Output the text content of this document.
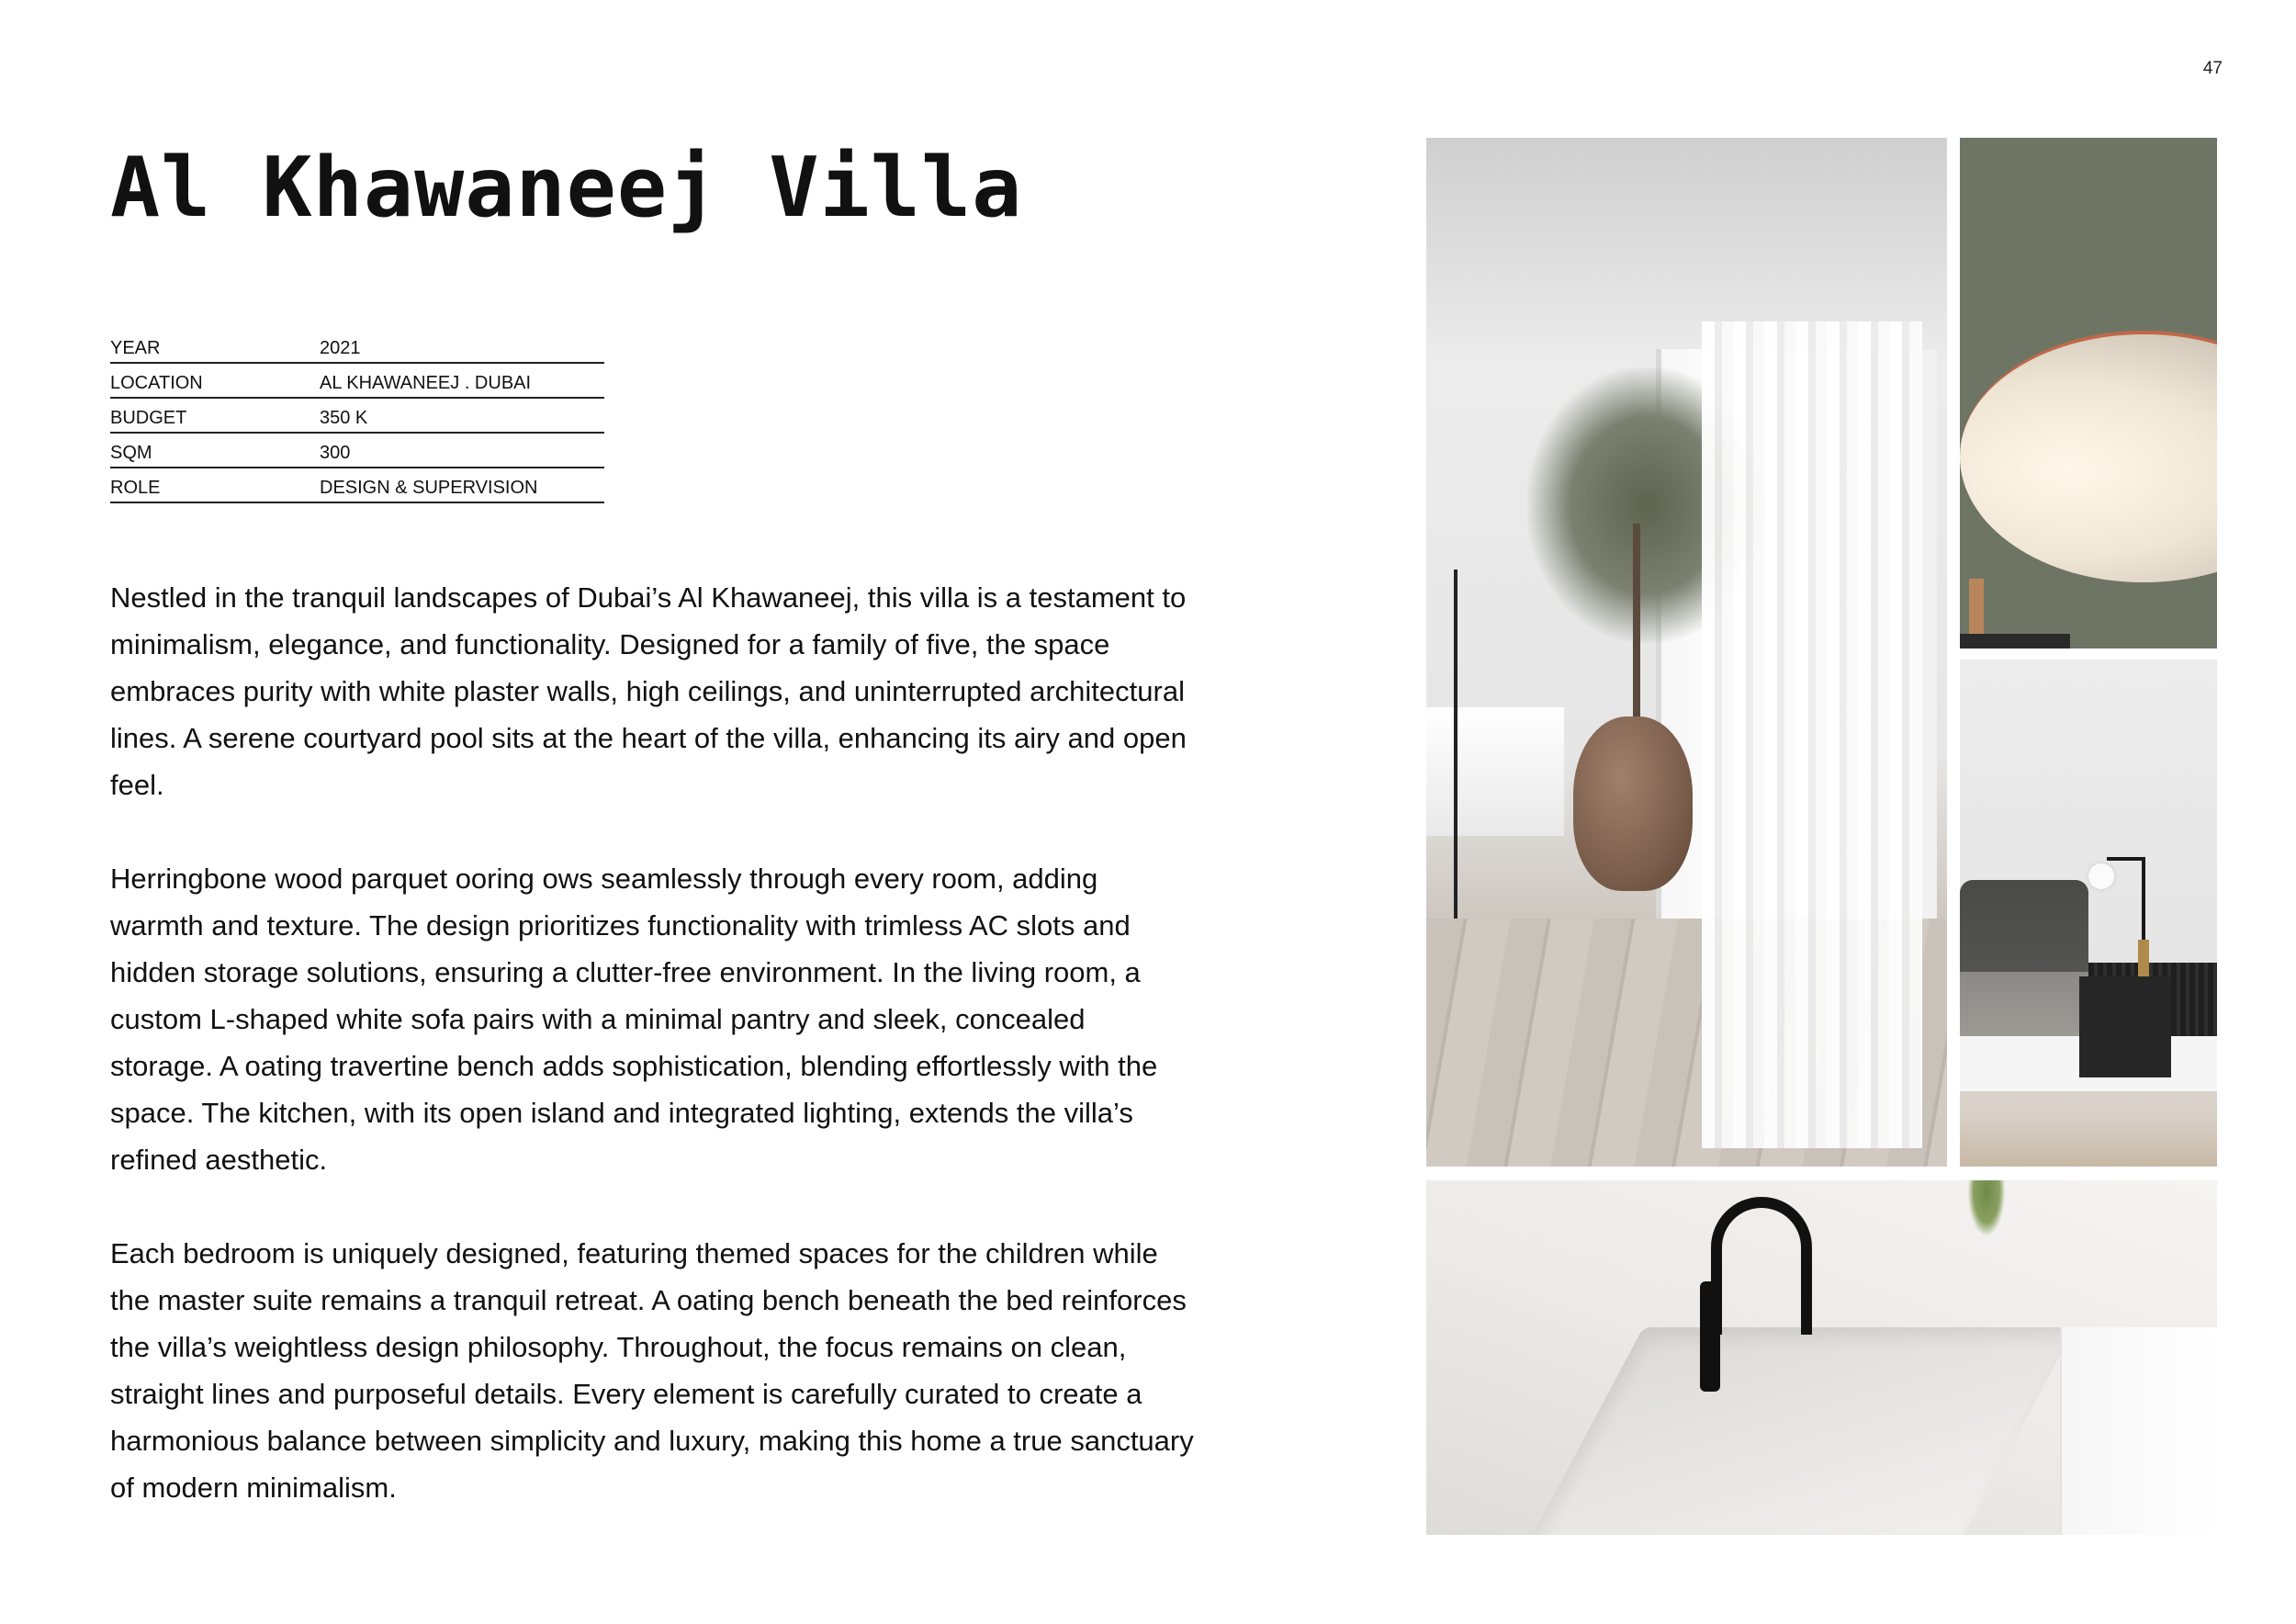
47
Al Khawaneej Villa
YEAR	2021
LOCATION	AL KHAWANEEJ . DUBAI
BUDGET	350 K
SQM	300
ROLE	DESIGN & SUPERVISION

Nestled in the tranquil landscapes of Dubai’s Al Khawaneej, this villa is a testament to minimalism, elegance, and functionality. Designed for a family of five, the space embraces purity with white plaster walls, high ceilings, and uninterrupted architectural lines. A serene courtyard pool sits at the heart of the villa, enhancing its airy and open feel.

Herringbone wood parquet ooring ows seamlessly through every room, adding warmth and texture. The design prioritizes functionality with trimless AC slots and hidden storage solutions, ensuring a clutter-free environment. In the living room, a custom L-shaped white sofa pairs with a minimal pantry and sleek, concealed storage. A oating travertine bench adds sophistication, blending effortlessly with the space. The kitchen, with its open island and integrated lighting, extends the villa’s refined aesthetic.

Each bedroom is uniquely designed, featuring themed spaces for the children while the master suite remains a tranquil retreat. A oating bench beneath the bed reinforces the villa’s weightless design philosophy. Throughout, the focus remains on clean, straight lines and purposeful details. Every element is carefully curated to create a harmonious balance between simplicity and luxury, making this home a true sanctuary of modern minimalism.
